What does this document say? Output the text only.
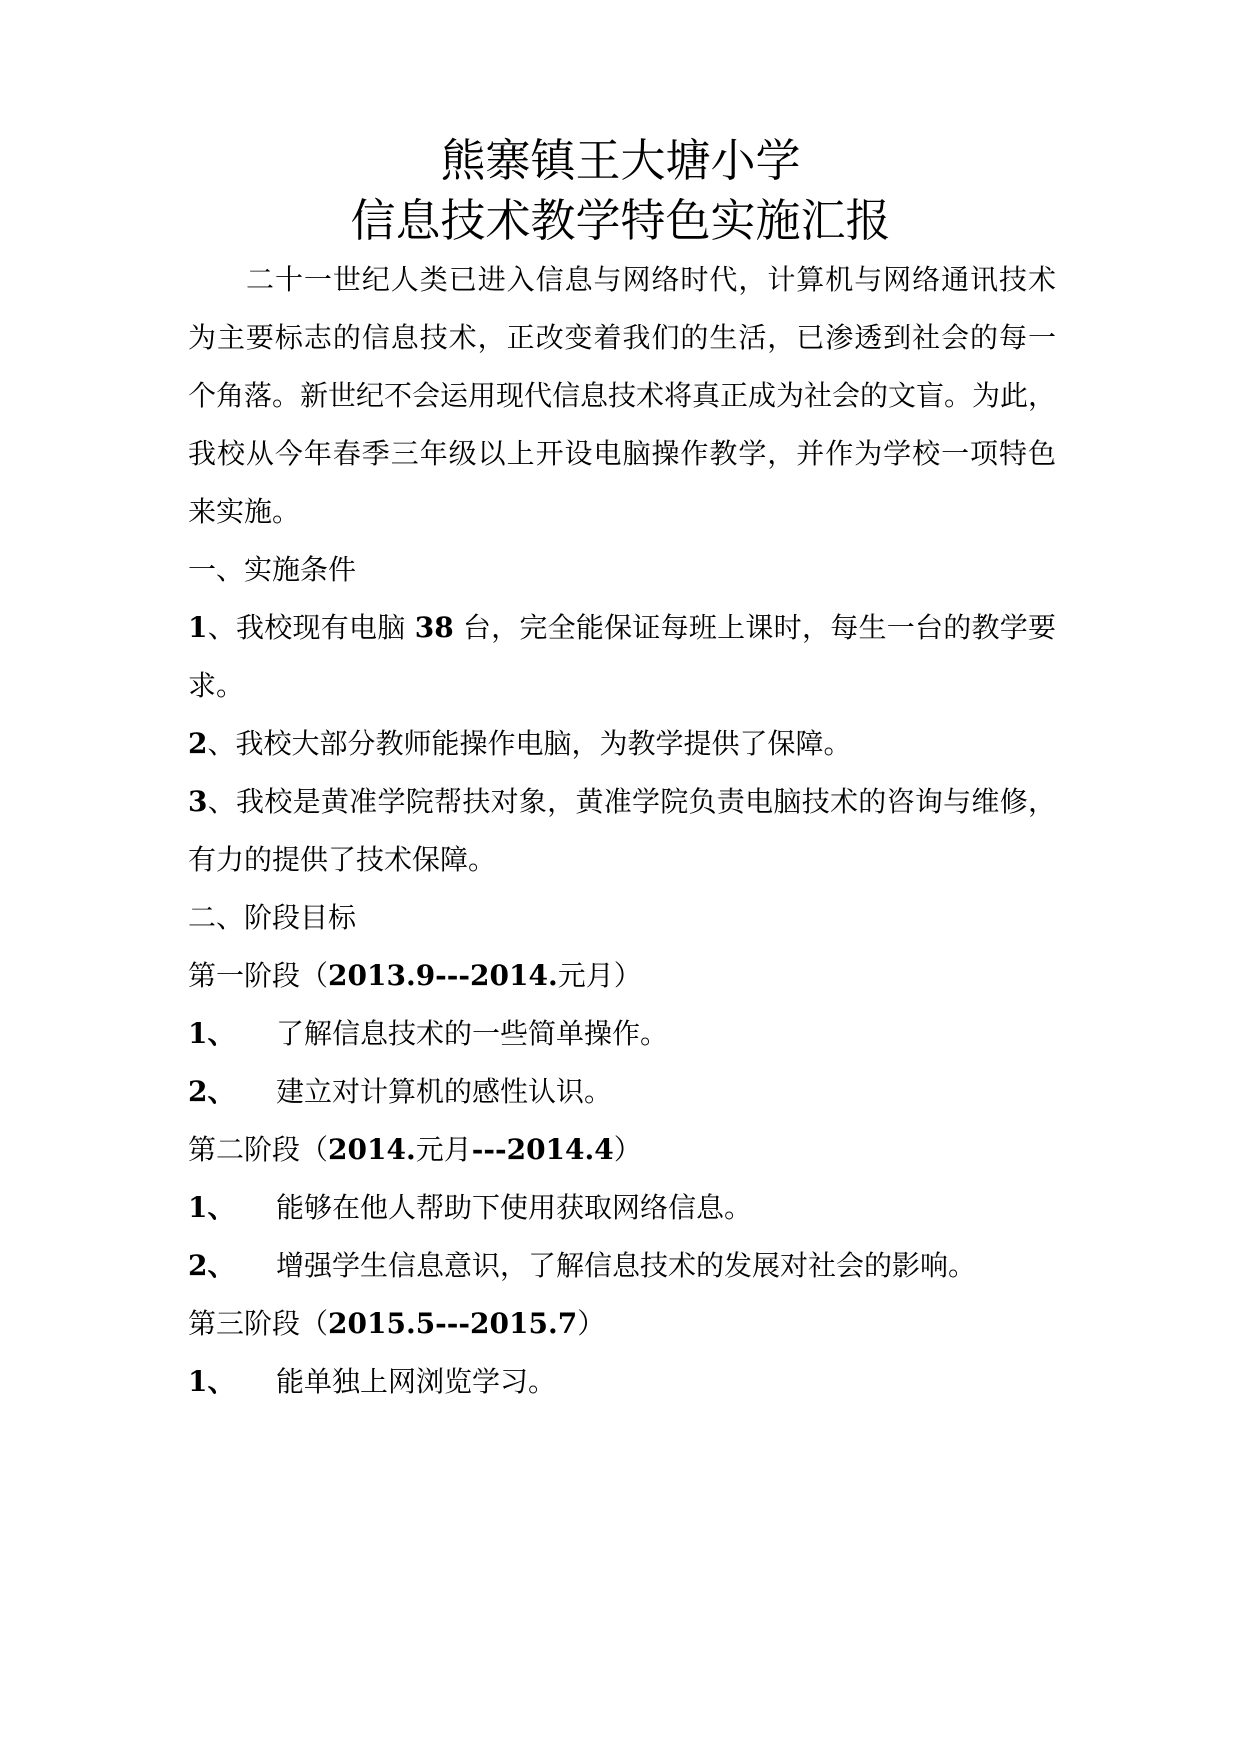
熊寨镇王大塘小学
信息技术教学特色实施汇报
二十一世纪人类已进入信息与网络时代，计算机与网络通讯技术
为主要标志的信息技术，正改变着我们的生活，已渗透到社会的每一
个角落。新世纪不会运用现代信息技术将真正成为社会的文盲。为此，
我校从今年春季三年级以上开设电脑操作教学，并作为学校一项特色
来实施。
一、实施条件
1、我校现有电脑 38 台，完全能保证每班上课时，每生一台的教学要
求。
2、我校大部分教师能操作电脑，为教学提供了保障。
3、我校是黄准学院帮扶对象，黄准学院负责电脑技术的咨询与维修，
有力的提供了技术保障。
二、阶段目标
第一阶段（2013.9---2014.元月）
1、 了解信息技术的一些简单操作。
2、 建立对计算机的感性认识。
第二阶段（2014.元月---2014.4）
1、 能够在他人帮助下使用获取网络信息。
2、 增强学生信息意识，了解信息技术的发展对社会的影响。
第三阶段（2015.5---2015.7）
1、 能单独上网浏览学习。
